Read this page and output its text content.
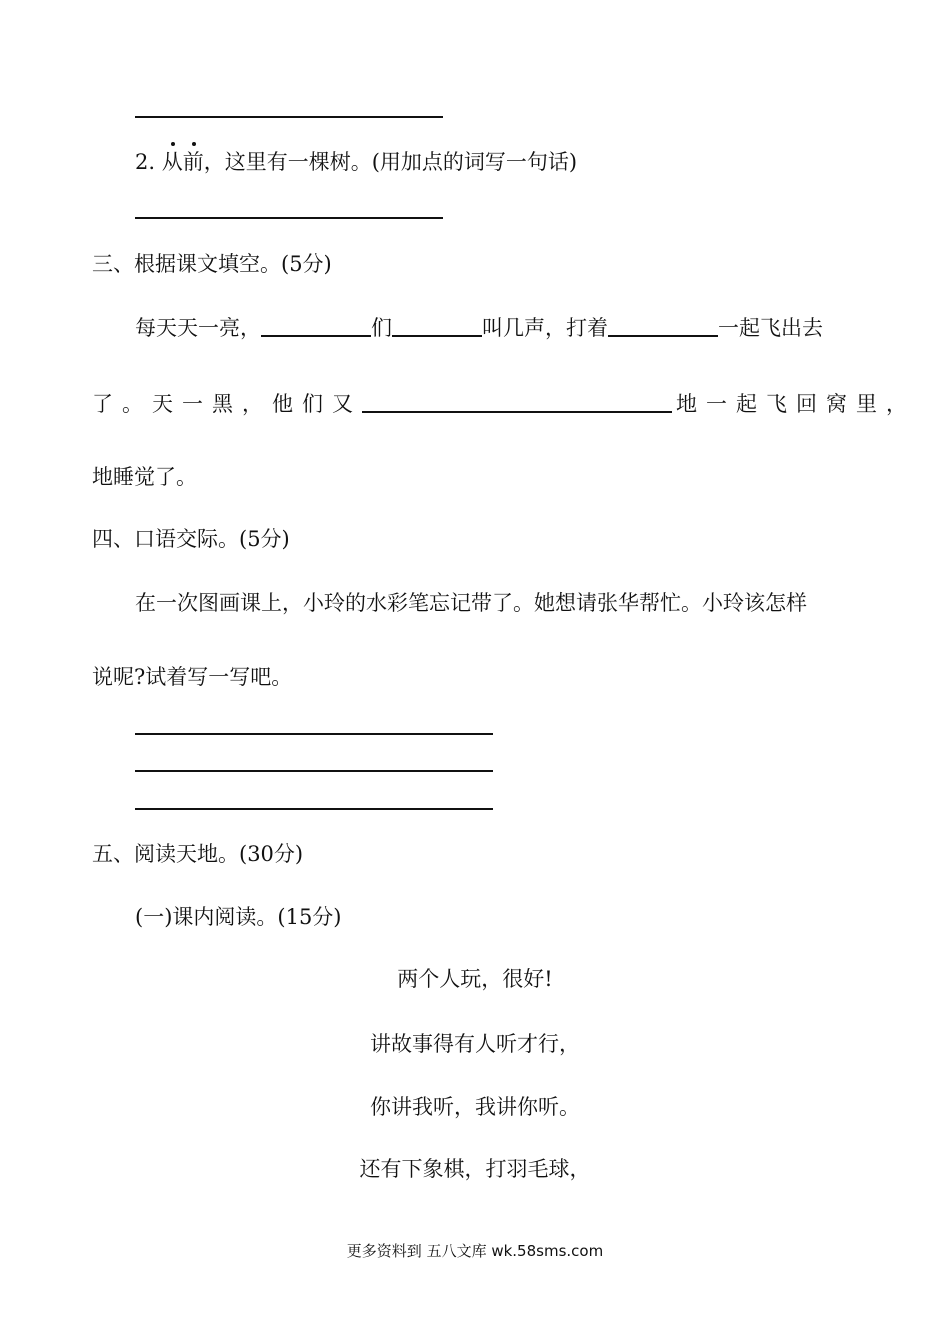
2. 从前，这里有一棵树。(用加点的词写一句话)
三、根据课文填空。(5分)
每天天一亮，	们	叫几声，打着	一起飞出去
了。天一黑，他们又	地一起飞回窝里，
地睡觉了。
四、口语交际。(5分)
在一次图画课上，小玲的水彩笔忘记带了。她想请张华帮忙。小玲该怎样
说呢?试着写一写吧。
五、阅读天地。(30分)
(一)课内阅读。(15分)
两个人玩，很好!
讲故事得有人听才行，
你讲我听，我讲你听。
还有下象棋，打羽毛球，
更多资料到 五八文库 wk.58sms.com
